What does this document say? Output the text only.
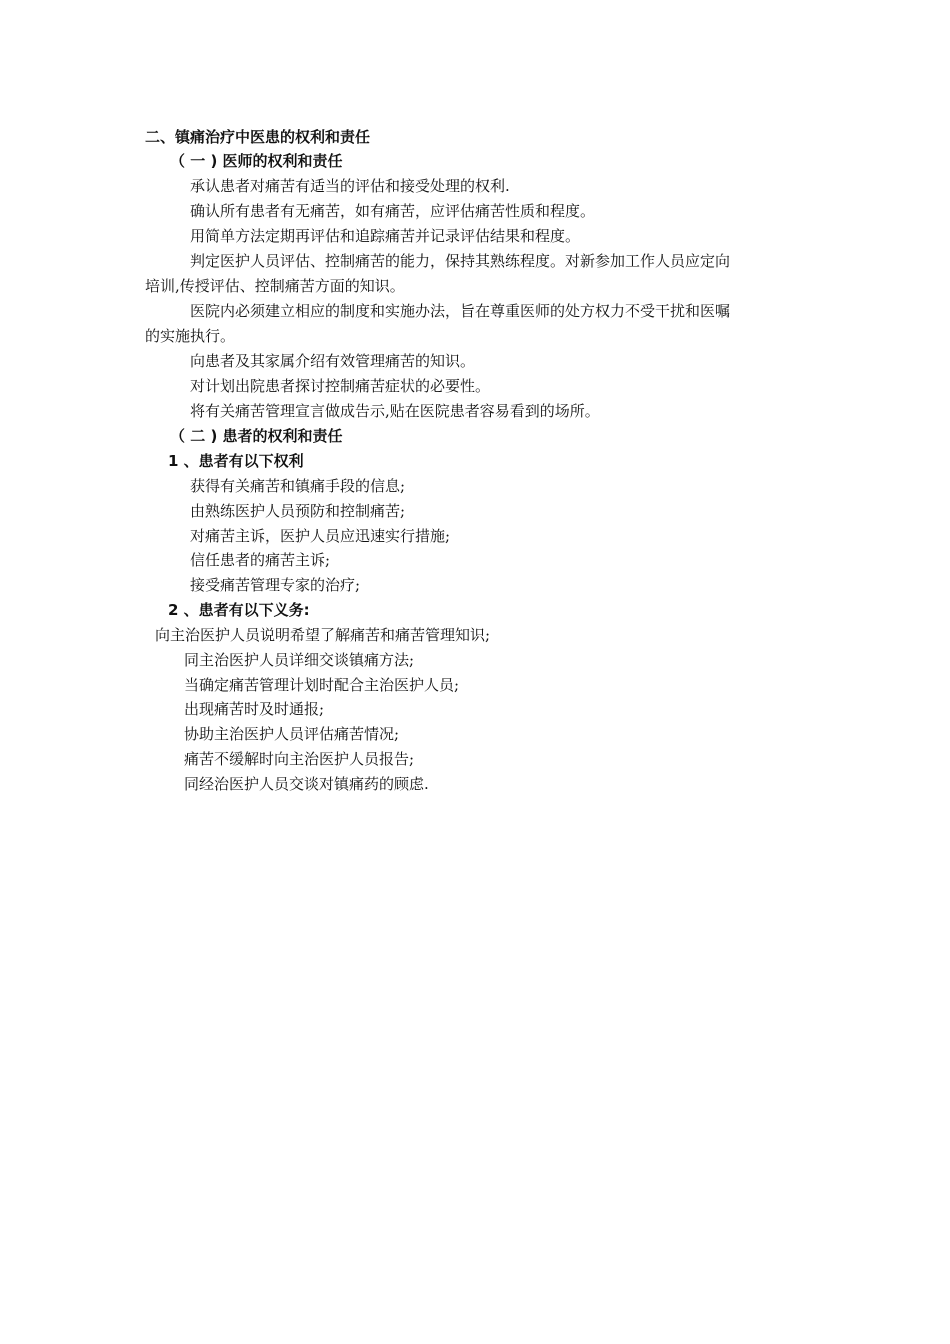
二、镇痛治疗中医患的权利和责任
（ 一 ) 医师的权利和责任
承认患者对痛苦有适当的评估和接受处理的权利.
确认所有患者有无痛苦，如有痛苦，应评估痛苦性质和程度。
用简单方法定期再评估和追踪痛苦并记录评估结果和程度。
判定医护人员评估、控制痛苦的能力，保持其熟练程度。对新参加工作人员应定向
培训,传授评估、控制痛苦方面的知识。
医院内必须建立相应的制度和实施办法，旨在尊重医师的处方权力不受干扰和医嘱
的实施执行。
向患者及其家属介绍有效管理痛苦的知识。
对计划出院患者探讨控制痛苦症状的必要性。
将有关痛苦管理宣言做成告示,贴在医院患者容易看到的场所。
（ 二 ) 患者的权利和责任
1 、患者有以下权利
获得有关痛苦和镇痛手段的信息;
由熟练医护人员预防和控制痛苦;
对痛苦主诉，医护人员应迅速实行措施;
信任患者的痛苦主诉;
接受痛苦管理专家的治疗;
2 、患者有以下义务:
向主治医护人员说明希望了解痛苦和痛苦管理知识;
同主治医护人员详细交谈镇痛方法;
当确定痛苦管理计划时配合主治医护人员;
出现痛苦时及时通报;
协助主治医护人员评估痛苦情况;
痛苦不缓解时向主治医护人员报告;
同经治医护人员交谈对镇痛药的顾虑.
